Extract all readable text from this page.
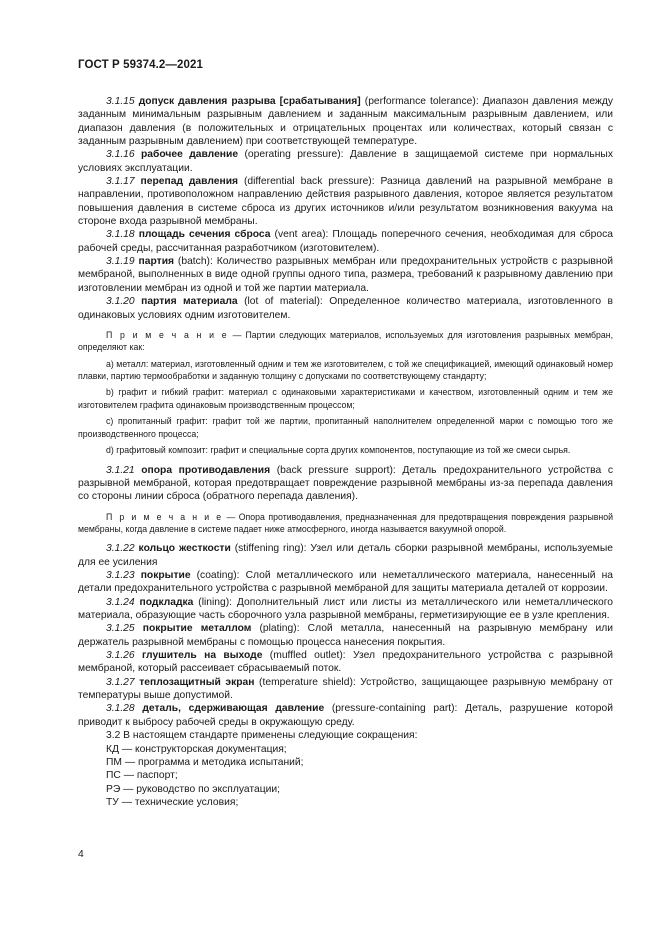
ГОСТ Р 59374.2—2021

3.1.15 допуск давления разрыва [срабатывания] (performance tolerance): Диапазон давления между заданным минимальным разрывным давлением и заданным максимальным разрывным давлением, или диапазон давления (в положительных и отрицательных процентах или количествах, который связан с заданным разрывным давлением) при соответствующей температуре.

3.1.16 рабочее давление (operating pressure): Давление в защищаемой системе при нормальных условиях эксплуатации.

3.1.17 перепад давления (differential back pressure): Разница давлений на разрывной мембране в направлении, противоположном направлению действия разрывного давления, которое является результатом повышения давления в системе сброса из других источников и/или результатом возникновения вакуума на стороне входа разрывной мембраны.

3.1.18 площадь сечения сброса (vent area): Площадь поперечного сечения, необходимая для сброса рабочей среды, рассчитанная разработчиком (изготовителем).

3.1.19 партия (batch): Количество разрывных мембран или предохранительных устройств с разрывной мембраной, выполненных в виде одной группы одного типа, размера, требований к разрывному давлению при изготовлении мембран из одной и той же партии материала.

3.1.20 партия материала (lot of material): Определенное количество материала, изготовленного в одинаковых условиях одним изготовителем.

П р и м е ч а н и е — Партии следующих материалов, используемых для изготовления разрывных мембран, определяют как:

а) металл: материал, изготовленный одним и тем же изготовителем, с той же спецификацией, имеющий одинаковый номер плавки, партию термообработки и заданную толщину с допусками по соответствующему стандарту;

b) графит и гибкий графит: материал с одинаковыми характеристиками и качеством, изготовленный одним и тем же изготовителем графита одинаковым производственным процессом;

с) пропитанный графит: графит той же партии, пропитанный наполнителем определенной марки с помощью того же производственного процесса;

d) графитовый композит: графит и специальные сорта других компонентов, поступающие из той же смеси сырья.

3.1.21 опора противодавления (back pressure support): Деталь предохранительного устройства с разрывной мембраной, которая предотвращает повреждение разрывной мембраны из-за перепада давления со стороны линии сброса (обратного перепада давления).

П р и м е ч а н и е — Опора противодавления, предназначенная для предотвращения повреждения разрывной мембраны, когда давление в системе падает ниже атмосферного, иногда называется вакуумной опорой.

3.1.22 кольцо жесткости (stiffening ring): Узел или деталь сборки разрывной мембраны, используемые для ее усиления

3.1.23 покрытие (coating): Слой металлического или неметаллического материала, нанесенный на детали предохранительного устройства с разрывной мембраной для защиты материала деталей от коррозии.

3.1.24 подкладка (lining): Дополнительный лист или листы из металлического или неметаллического материала, образующие часть сборочного узла разрывной мембраны, герметизирующие ее в узле крепления.

3.1.25 покрытие металлом (plating): Слой металла, нанесенный на разрывную мембрану или держатель разрывной мембраны с помощью процесса нанесения покрытия.

3.1.26 глушитель на выходе (muffled outlet): Узел предохранительного устройства с разрывной мембраной, который рассеивает сбрасываемый поток.

3.1.27 теплозащитный экран (temperature shield): Устройство, защищающее разрывную мембрану от температуры выше допустимой.

3.1.28 деталь, сдерживающая давление (pressure-containing part): Деталь, разрушение которой приводит к выбросу рабочей среды в окружающую среду.

3.2 В настоящем стандарте применены следующие сокращения:

КД — конструкторская документация;

ПМ — программа и методика испытаний;

ПС — паспорт;

РЭ — руководство по эксплуатации;

ТУ — технические условия;

4
